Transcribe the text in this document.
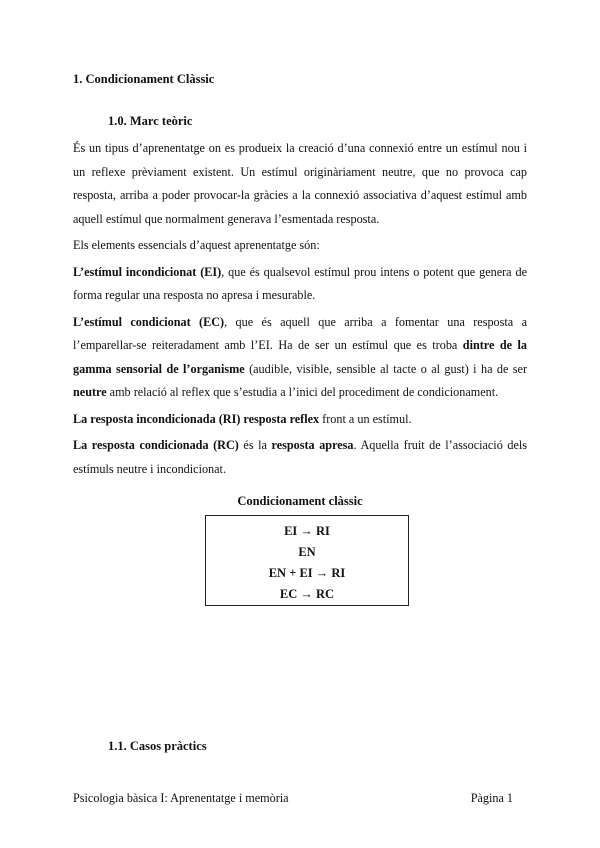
1. Condicionament Clàssic
1.0. Marc teòric

És un tipus d’aprenentatge on es produeix la creació d’una connexió entre un estímul nou i un reflexe prèviament existent. Un estímul originàriament neutre, que no provoca cap resposta, arriba a poder provocar-la gràcies a la connexió associativa d’aquest estímul amb aquell estímul que normalment generava l’esmentada resposta.

Els elements essencials d’aquest aprenentatge són:

L’estímul incondicionat (EI), que és qualsevol estímul prou intens o potent que genera de forma regular una resposta no apresa i mesurable.

L’estímul condicionat (EC), que és aquell que arriba a fomentar una resposta a l’emparellar-se reiteradament amb l’EI. Ha de ser un estímul que es troba dintre de la gamma sensorial de l’organisme (audible, visible, sensible al tacte o al gust) i ha de ser neutre amb relació al reflex que s’estudia a l’inici del procediment de condicionament.

La resposta incondicionada (RI) resposta reflex front a un estímul.

La resposta condicionada (RC) és la resposta apresa. Aquella fruit de l’associació dels estímuls neutre i incondicionat.

Condicionament clàssic
EI → RI
EN
EN + EI → RI
EC → RC
1.1. Casos pràctics
Psicologia bàsica I: Aprenentatge i memòria	Pàgina 1
